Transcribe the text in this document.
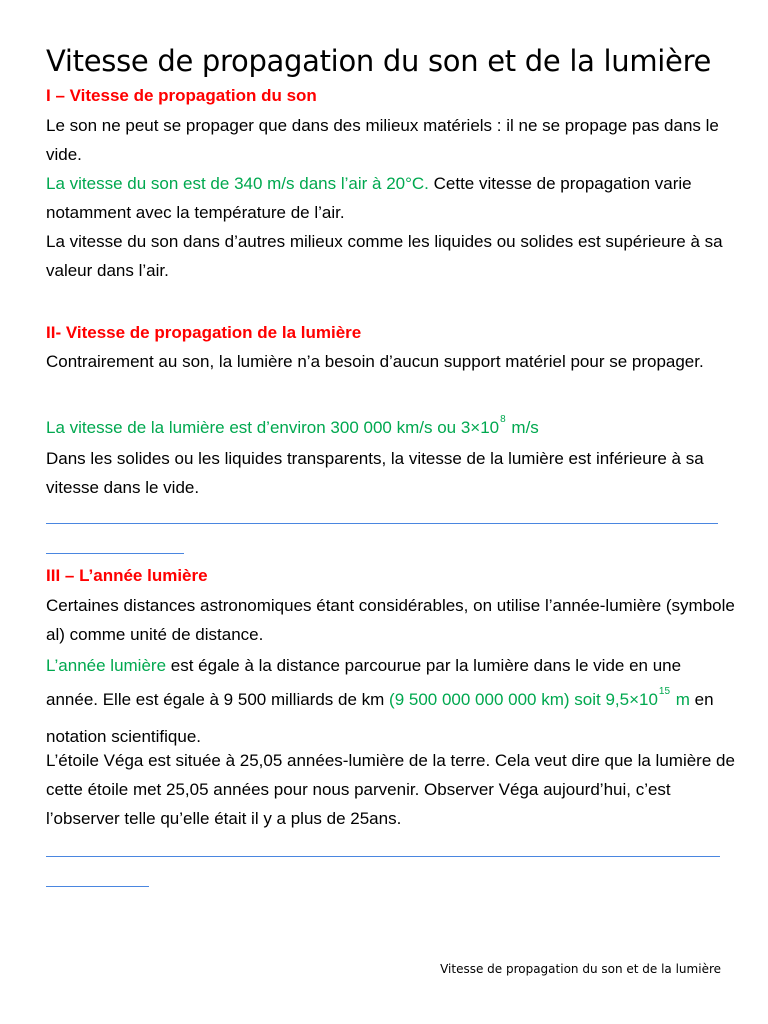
Vitesse de propagation du son et de la lumière
I – Vitesse de propagation du son

Le son ne peut se propager que dans des milieux matériels : il ne se propage pas dans le vide.

La vitesse du son est de 340 m/s dans l’air à 20°C. Cette vitesse de propagation varie notamment avec la température de l’air.

La vitesse du son dans d’autres milieux comme les liquides ou solides est supérieure à sa valeur dans l’air.

II- Vitesse de propagation de la lumière

Contrairement au son, la lumière n’a besoin d’aucun support matériel pour se propager.

La vitesse de la lumière est d’environ 300 000 km/s ou $3\times 10^8$ m/s

Dans les solides ou les liquides transparents, la vitesse de la lumière est inférieure à sa vitesse dans le vide.

III – L’année lumière

Certaines distances astronomiques étant considérables, on utilise l’année-lumière (symbole al) comme unité de distance.

L’année lumière est égale à la distance parcourue par la lumière dans le vide en une année. Elle est égale à 9 500 milliards de km (9 500 000 000 000 km) soit $9,5\times 10^{15}$ m en notation scientifique.

L’étoile Véga est située à 25,05 années-lumière de la terre. Cela veut dire que la lumière de cette étoile met 25,05 années pour nous parvenir. Observer Véga aujourd’hui, c’est l’observer telle qu’elle était il y a plus de 25ans.

Vitesse de propagation du son et de la lumière
